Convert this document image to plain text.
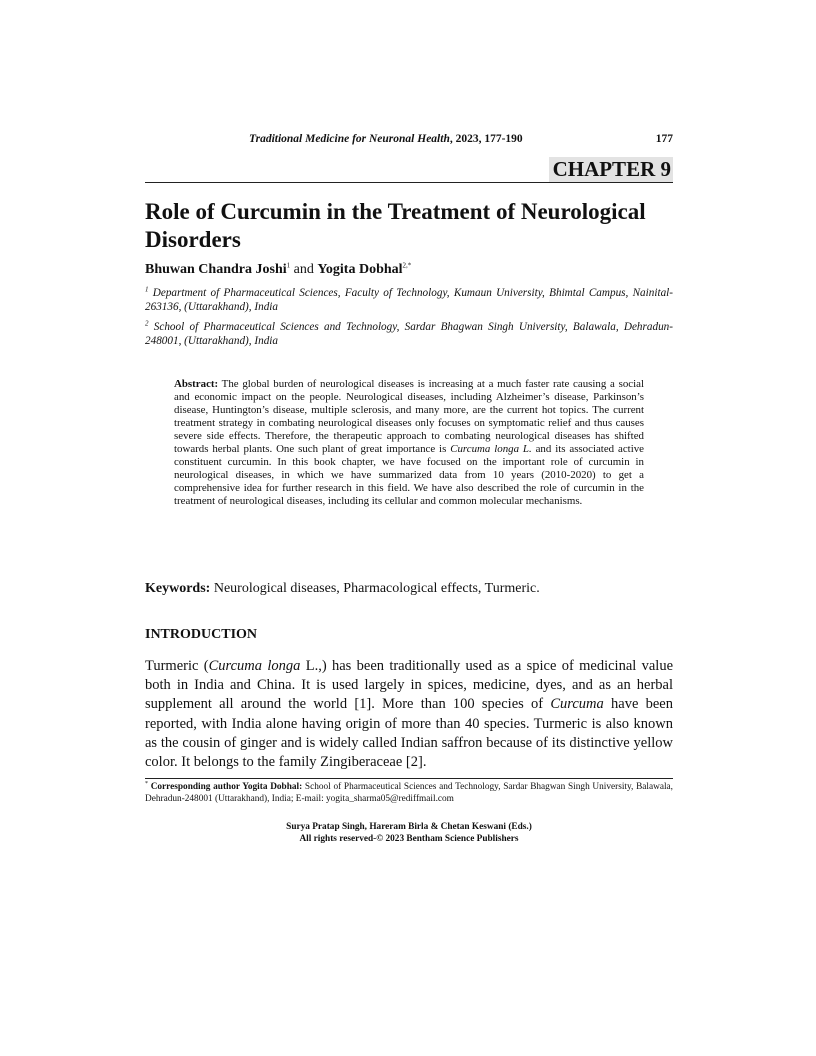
Traditional Medicine for Neuronal Health, 2023, 177-190	177
CHAPTER 9
Role of Curcumin in the Treatment of Neurological Disorders
Bhuwan Chandra Joshi$^1$ and Yogita Dobhal$^{2,*}$
$^1$ Department of Pharmaceutical Sciences, Faculty of Technology, Kumaun University, Bhimtal Campus, Nainital-263136, (Uttarakhand), India
$^2$ School of Pharmaceutical Sciences and Technology, Sardar Bhagwan Singh University, Balawala, Dehradun-248001, (Uttarakhand), India
Abstract: The global burden of neurological diseases is increasing at a much faster rate causing a social and economic impact on the people. Neurological diseases, including Alzheimer’s disease, Parkinson’s disease, Huntington’s disease, multiple sclerosis, and many more, are the current hot topics. The current treatment strategy in combating neurological diseases only focuses on symptomatic relief and thus causes severe side effects. Therefore, the therapeutic approach to combating neurological diseases has shifted towards herbal plants. One such plant of great importance is Curcuma longa L. and its associated active constituent curcumin. In this book chapter, we have focused on the important role of curcumin in neurological diseases, in which we have summarized data from 10 years (2010-2020) to get a comprehensive idea for further research in this field. We have also described the role of curcumin in the treatment of neurological diseases, including its cellular and common molecular mechanisms.
Keywords: Neurological diseases, Pharmacological effects, Turmeric.
INTRODUCTION

Turmeric (Curcuma longa L.,) has been traditionally used as a spice of medicinal value both in India and China. It is used largely in spices, medicine, dyes, and as an herbal supplement all around the world [1]. More than 100 species of Curcuma have been reported, with India alone having origin of more than 40 species. Turmeric is also known as the cousin of ginger and is widely called Indian saffron because of its distinctive yellow color. It belongs to the family Zingiberaceae [2].

* Corresponding author Yogita Dobhal: School of Pharmaceutical Sciences and Technology, Sardar Bhagwan Singh University, Balawala, Dehradun-248001 (Uttarakhand), India; E-mail: yogita_sharma05@rediffmail.com
Surya Pratap Singh, Hareram Birla & Chetan Keswani (Eds.)
All rights reserved-© 2023 Bentham Science Publishers
